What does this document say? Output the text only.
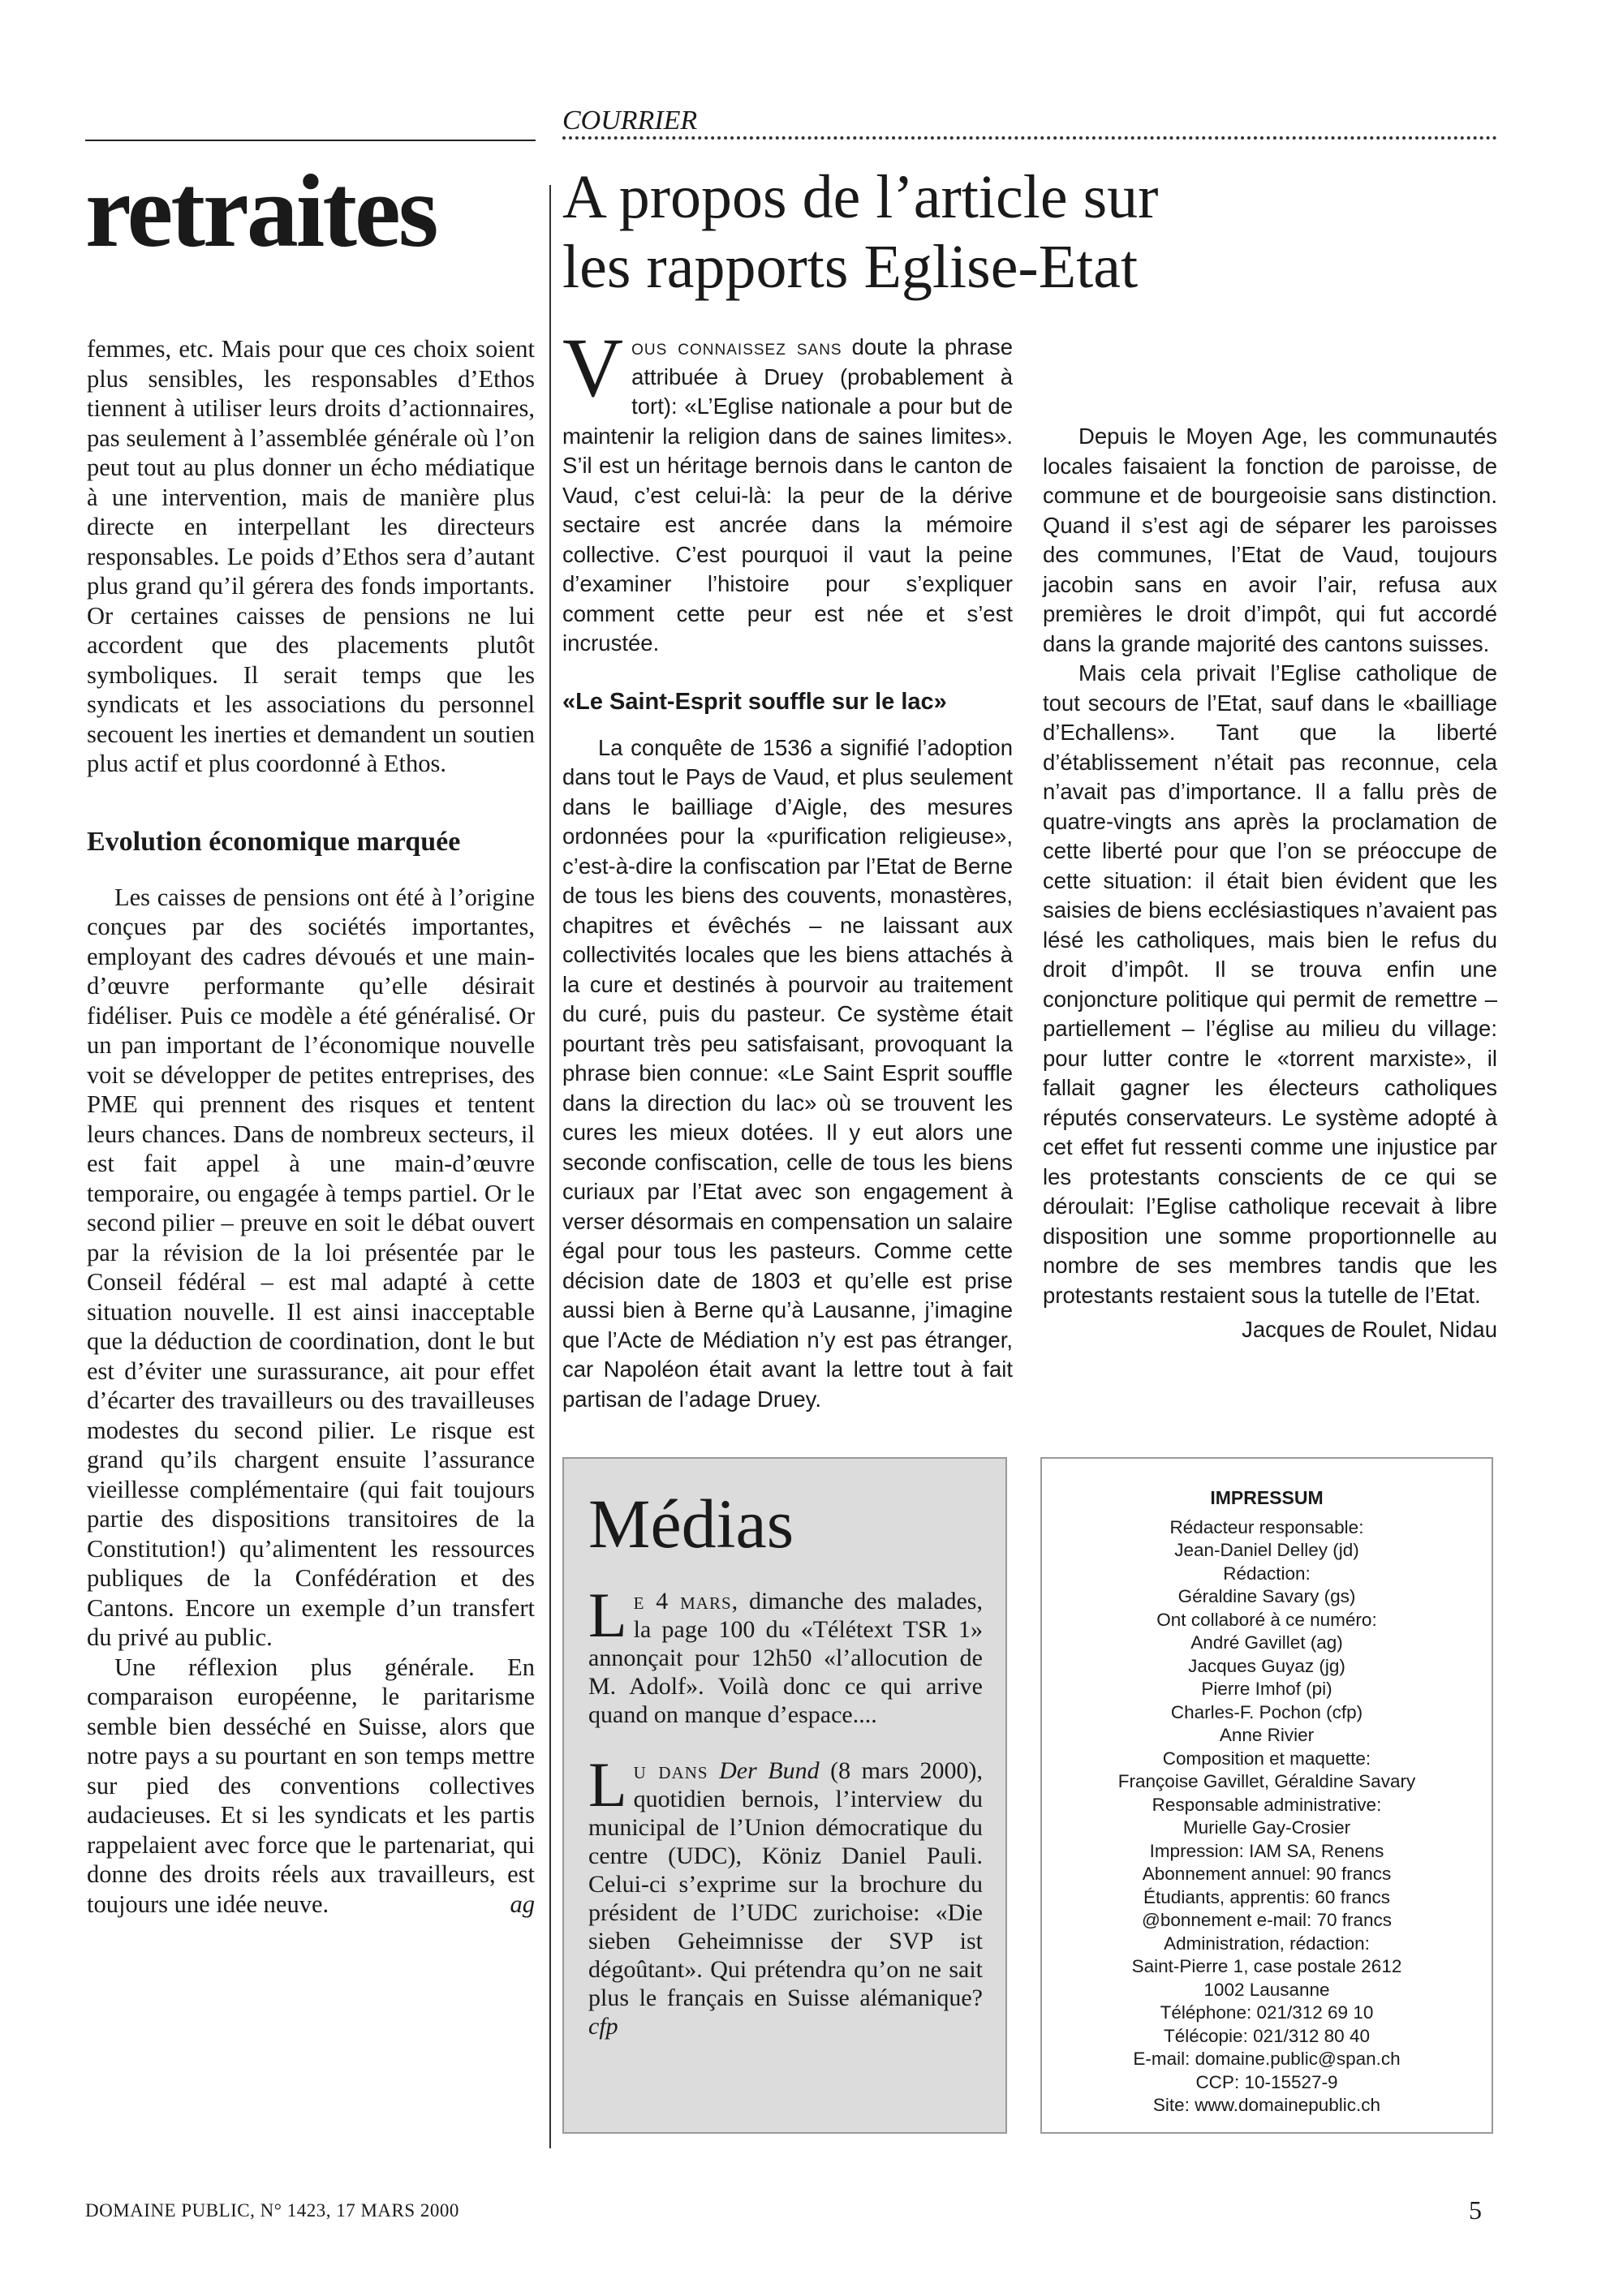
retraites

femmes, etc. Mais pour que ces choix soient plus sensibles, les responsables d’Ethos tiennent à utiliser leurs droits d’actionnaires, pas seulement à l’assemblée générale où l’on peut tout au plus donner un écho médiatique à une intervention, mais de manière plus directe en interpellant les directeurs responsables. Le poids d’Ethos sera d’autant plus grand qu’il gérera des fonds importants. Or certaines caisses de pensions ne lui accordent que des placements plutôt symboliques. Il serait temps que les syndicats et les associations du personnel secouent les inerties et demandent un soutien plus actif et plus coordonné à Ethos.

Evolution économique marquée

Les caisses de pensions ont été à l’origine conçues par des sociétés importantes, employant des cadres dévoués et une main-d’œuvre performante qu’elle désirait fidéliser. Puis ce modèle a été généralisé. Or un pan important de l’économique nouvelle voit se développer de petites entreprises, des PME qui prennent des risques et tentent leurs chances. Dans de nombreux secteurs, il est fait appel à une main-d’œuvre temporaire, ou engagée à temps partiel. Or le second pilier – preuve en soit le débat ouvert par la révision de la loi présentée par le Conseil fédéral – est mal adapté à cette situation nouvelle. Il est ainsi inacceptable que la déduction de coordination, dont le but est d’éviter une surassurance, ait pour effet d’écarter des travailleurs ou des travailleuses modestes du second pilier. Le risque est grand qu’ils chargent ensuite l’assurance vieillesse complémentaire (qui fait toujours partie des dispositions transitoires de la Constitution!) qu’alimentent les ressources publiques de la Confédération et des Cantons. Encore un exemple d’un transfert du privé au public.

Une réflexion plus générale. En comparaison européenne, le paritarisme semble bien desséché en Suisse, alors que notre pays a su pourtant en son temps mettre sur pied des conventions collectives audacieuses. Et si les syndicats et les partis rappelaient avec force que le partenariat, qui donne des droits réels aux travailleurs, est toujours une idée neuve.	ag

COURRIER
A propos de l’article sur
les rapports Eglise-Etat

Vous connaissez sans doute la phrase attribuée à Druey (probablement à tort): «L’Eglise nationale a pour but de maintenir la religion dans de saines limites». S’il est un héritage bernois dans le canton de Vaud, c’est celui-là: la peur de la dérive sectaire est ancrée dans la mémoire collective. C’est pourquoi il vaut la peine d’examiner l’histoire pour s’expliquer comment cette peur est née et s’est incrustée.

«Le Saint-Esprit souffle sur le lac»

La conquête de 1536 a signifié l’adoption dans tout le Pays de Vaud, et plus seulement dans le bailliage d’Aigle, des mesures ordonnées pour la «purification religieuse», c’est-à-dire la confiscation par l’Etat de Berne de tous les biens des couvents, monastères, chapitres et évêchés – ne laissant aux collectivités locales que les biens attachés à la cure et destinés à pourvoir au traitement du curé, puis du pasteur. Ce système était pourtant très peu satisfaisant, provoquant la phrase bien connue: «Le Saint Esprit souffle dans la direction du lac» où se trouvent les cures les mieux dotées. Il y eut alors une seconde confiscation, celle de tous les biens curiaux par l’Etat avec son engagement à verser désormais en compensation un salaire égal pour tous les pasteurs. Comme cette décision date de 1803 et qu’elle est prise aussi bien à Berne qu’à Lausanne, j’imagine que l’Acte de Médiation n’y est pas étranger, car Napoléon était avant la lettre tout à fait partisan de l’adage Druey.

Depuis le Moyen Age, les communautés locales faisaient la fonction de paroisse, de commune et de bourgeoisie sans distinction. Quand il s’est agi de séparer les paroisses des communes, l’Etat de Vaud, toujours jacobin sans en avoir l’air, refusa aux premières le droit d’impôt, qui fut accordé dans la grande majorité des cantons suisses.

Mais cela privait l’Eglise catholique de tout secours de l’Etat, sauf dans le «bailliage d’Echallens». Tant que la liberté d’établissement n’était pas reconnue, cela n’avait pas d’importance. Il a fallu près de quatre-vingts ans après la proclamation de cette liberté pour que l’on se préoccupe de cette situation: il était bien évident que les saisies de biens ecclésiastiques n’avaient pas lésé les catholiques, mais bien le refus du droit d’impôt. Il se trouva enfin une conjoncture politique qui permit de remettre – partiellement – l’église au milieu du village: pour lutter contre le «torrent marxiste», il fallait gagner les électeurs catholiques réputés conservateurs. Le système adopté à cet effet fut ressenti comme une injustice par les protestants conscients de ce qui se déroulait: l’Eglise catholique recevait à libre disposition une somme proportionnelle au nombre de ses membres tandis que les protestants restaient sous la tutelle de l’Etat.

Jacques de Roulet, Nidau

Médias

Le 4 mars, dimanche des malades, la page 100 du «Télétext TSR 1» annonçait pour 12h50 «l’allocution de M. Adolf». Voilà donc ce qui arrive quand on manque d’espace....

Lu dans Der Bund (8 mars 2000), quotidien bernois, l’interview du municipal de l’Union démocratique du centre (UDC), Köniz Daniel Pauli. Celui-ci s’exprime sur la brochure du président de l’UDC zurichoise: «Die sieben Geheimnisse der SVP ist dégoûtant». Qui prétendra qu’on ne sait plus le français en Suisse alémanique? cfp

IMPRESSUM
Rédacteur responsable:
Jean-Daniel Delley (jd)
Rédaction:
Géraldine Savary (gs)
Ont collaboré à ce numéro:
André Gavillet (ag)
Jacques Guyaz (jg)
Pierre Imhof (pi)
Charles-F. Pochon (cfp)
Anne Rivier
Composition et maquette:
Françoise Gavillet, Géraldine Savary
Responsable administrative:
Murielle Gay-Crosier
Impression: IAM SA, Renens
Abonnement annuel: 90 francs
Étudiants, apprentis: 60 francs
@bonnement e-mail: 70 francs
Administration, rédaction:
Saint-Pierre 1, case postale 2612
1002 Lausanne
Téléphone: 021/312 69 10
Télécopie: 021/312 80 40
E-mail: domaine.public@span.ch
CCP: 10-15527-9
Site: www.domainepublic.ch
DOMAINE PUBLIC, N° 1423, 17 MARS 2000	5
